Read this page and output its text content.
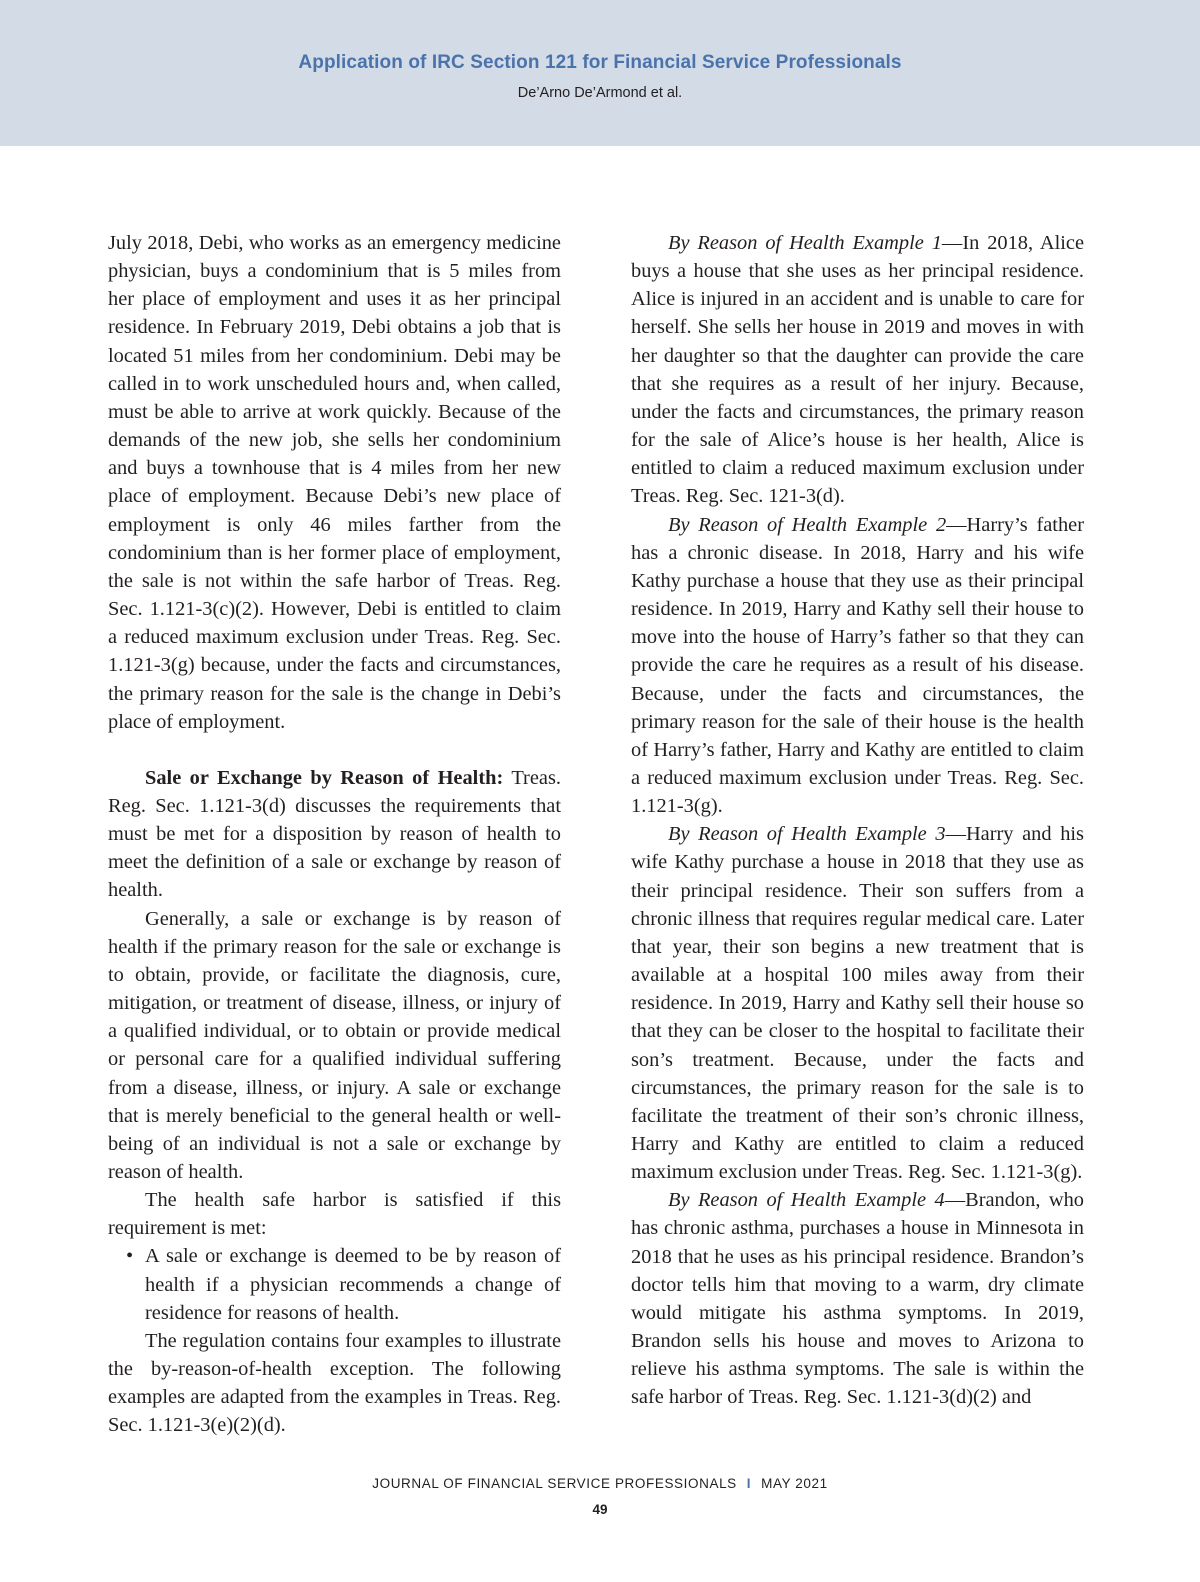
Application of IRC Section 121 for Financial Service Professionals
De’Arno De’Armond et al.

July 2018, Debi, who works as an emergency medicine physician, buys a condominium that is 5 miles from her place of employment and uses it as her principal residence. In February 2019, Debi obtains a job that is located 51 miles from her condominium. Debi may be called in to work unscheduled hours and, when called, must be able to arrive at work quickly. Because of the demands of the new job, she sells her condominium and buys a townhouse that is 4 miles from her new place of employment. Because Debi’s new place of employment is only 46 miles farther from the condominium than is her former place of employment, the sale is not within the safe harbor of Treas. Reg. Sec. 1.121-3(c)(2). However, Debi is entitled to claim a reduced maximum exclusion under Treas. Reg. Sec. 1.121-3(g) because, under the facts and circumstances, the primary reason for the sale is the change in Debi’s place of employment.

Sale or Exchange by Reason of Health: Treas. Reg. Sec. 1.121-3(d) discusses the requirements that must be met for a disposition by reason of health to meet the definition of a sale or exchange by reason of health.

Generally, a sale or exchange is by reason of health if the primary reason for the sale or exchange is to obtain, provide, or facilitate the diagnosis, cure, mitigation, or treatment of disease, illness, or injury of a qualified individual, or to obtain or provide medical or personal care for a qualified individual suffering from a disease, illness, or injury. A sale or exchange that is merely beneficial to the general health or well-being of an individual is not a sale or exchange by reason of health.

The health safe harbor is satisfied if this requirement is met:

• A sale or exchange is deemed to be by reason of health if a physician recommends a change of residence for reasons of health.

The regulation contains four examples to illustrate the by-reason-of-health exception. The following examples are adapted from the examples in Treas. Reg. Sec. 1.121-3(e)(2)(d).

By Reason of Health Example 1—In 2018, Alice buys a house that she uses as her principal residence. Alice is injured in an accident and is unable to care for herself. She sells her house in 2019 and moves in with her daughter so that the daughter can provide the care that she requires as a result of her injury. Because, under the facts and circumstances, the primary reason for the sale of Alice’s house is her health, Alice is entitled to claim a reduced maximum exclusion under Treas. Reg. Sec. 121-3(d).

By Reason of Health Example 2—Harry’s father has a chronic disease. In 2018, Harry and his wife Kathy purchase a house that they use as their principal residence. In 2019, Harry and Kathy sell their house to move into the house of Harry’s father so that they can provide the care he requires as a result of his disease. Because, under the facts and circumstances, the primary reason for the sale of their house is the health of Harry’s father, Harry and Kathy are entitled to claim a reduced maximum exclusion under Treas. Reg. Sec. 1.121-3(g).

By Reason of Health Example 3—Harry and his wife Kathy purchase a house in 2018 that they use as their principal residence. Their son suffers from a chronic illness that requires regular medical care. Later that year, their son begins a new treatment that is available at a hospital 100 miles away from their residence. In 2019, Harry and Kathy sell their house so that they can be closer to the hospital to facilitate their son’s treatment. Because, under the facts and circumstances, the primary reason for the sale is to facilitate the treatment of their son’s chronic illness, Harry and Kathy are entitled to claim a reduced maximum exclusion under Treas. Reg. Sec. 1.121-3(g).

By Reason of Health Example 4—Brandon, who has chronic asthma, purchases a house in Minnesota in 2018 that he uses as his principal residence. Brandon’s doctor tells him that moving to a warm, dry climate would mitigate his asthma symptoms. In 2019, Brandon sells his house and moves to Arizona to relieve his asthma symptoms. The sale is within the safe harbor of Treas. Reg. Sec. 1.121-3(d)(2) and

JOURNAL OF FINANCIAL SERVICE PROFESSIONALS I MAY 2021
49
